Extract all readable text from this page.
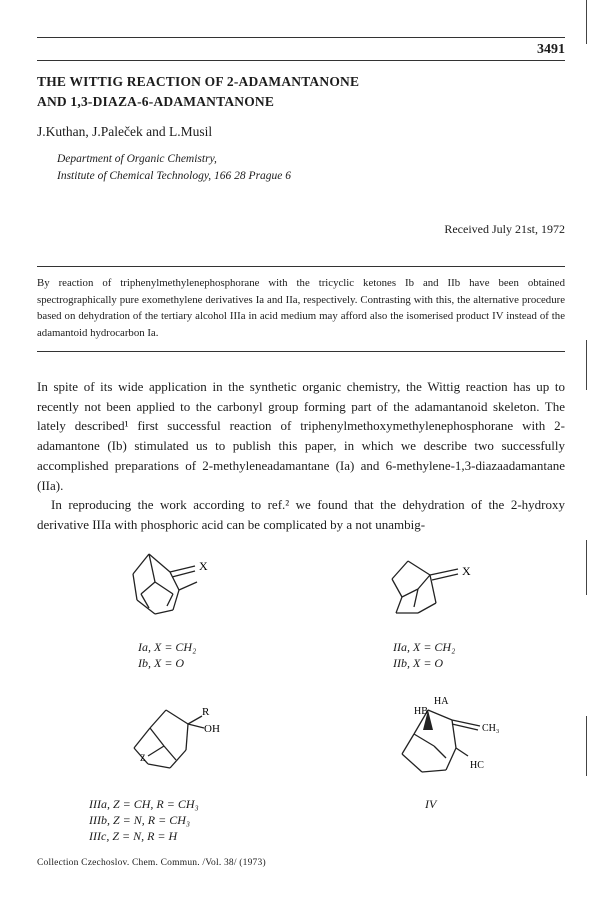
3491
THE WITTIG REACTION OF 2-ADAMANTANONE
AND 1,3-DIAZA-6-ADAMANTANONE
J.Kuthan, J.Paleček and L.Musil
Department of Organic Chemistry,
Institute of Chemical Technology, 166 28 Prague 6
Received July 21st, 1972
By reaction of triphenylmethylenephosphorane with the tricyclic ketones Ib and IIb have been obtained spectrographically pure exomethylene derivatives Ia and IIa, respectively. Contrasting with this, the alternative procedure based on dehydration of the tertiary alcohol IIIa in acid medium may afford also the isomerised product IV instead of the adamantoid hydrocarbon Ia.

In spite of its wide application in the synthetic organic chemistry, the Wittig reaction has up to recently not been applied to the carbonyl group forming part of the adamantanoid skeleton. The lately described¹ first successful reaction of triphenylmethoxymethylenephosphorane with 2-adamantone (Ib) stimulated us to publish this paper, in which we describe two successfully accomplished preparations of 2-methyleneadamantane (Ia) and 6-methylene-1,3-diazaadamantane (IIa).

In reproducing the work according to ref.² we found that the dehydration of the 2-hydroxy derivative IIIa with phosphoric acid can be complicated by a not unambig-

X
Ia, X = CH₂
Ib, X = O
X
IIa, X = CH₂
IIb, X = O
R
OH
Z
IIIa, Z = CH, R = CH₃
IIIb, Z = N, R = CH₃
IIIc, Z = N, R = H
HB
HA
CH₃
HC
IV
Collection Czechoslov. Chem. Commun. /Vol. 38/ (1973)
